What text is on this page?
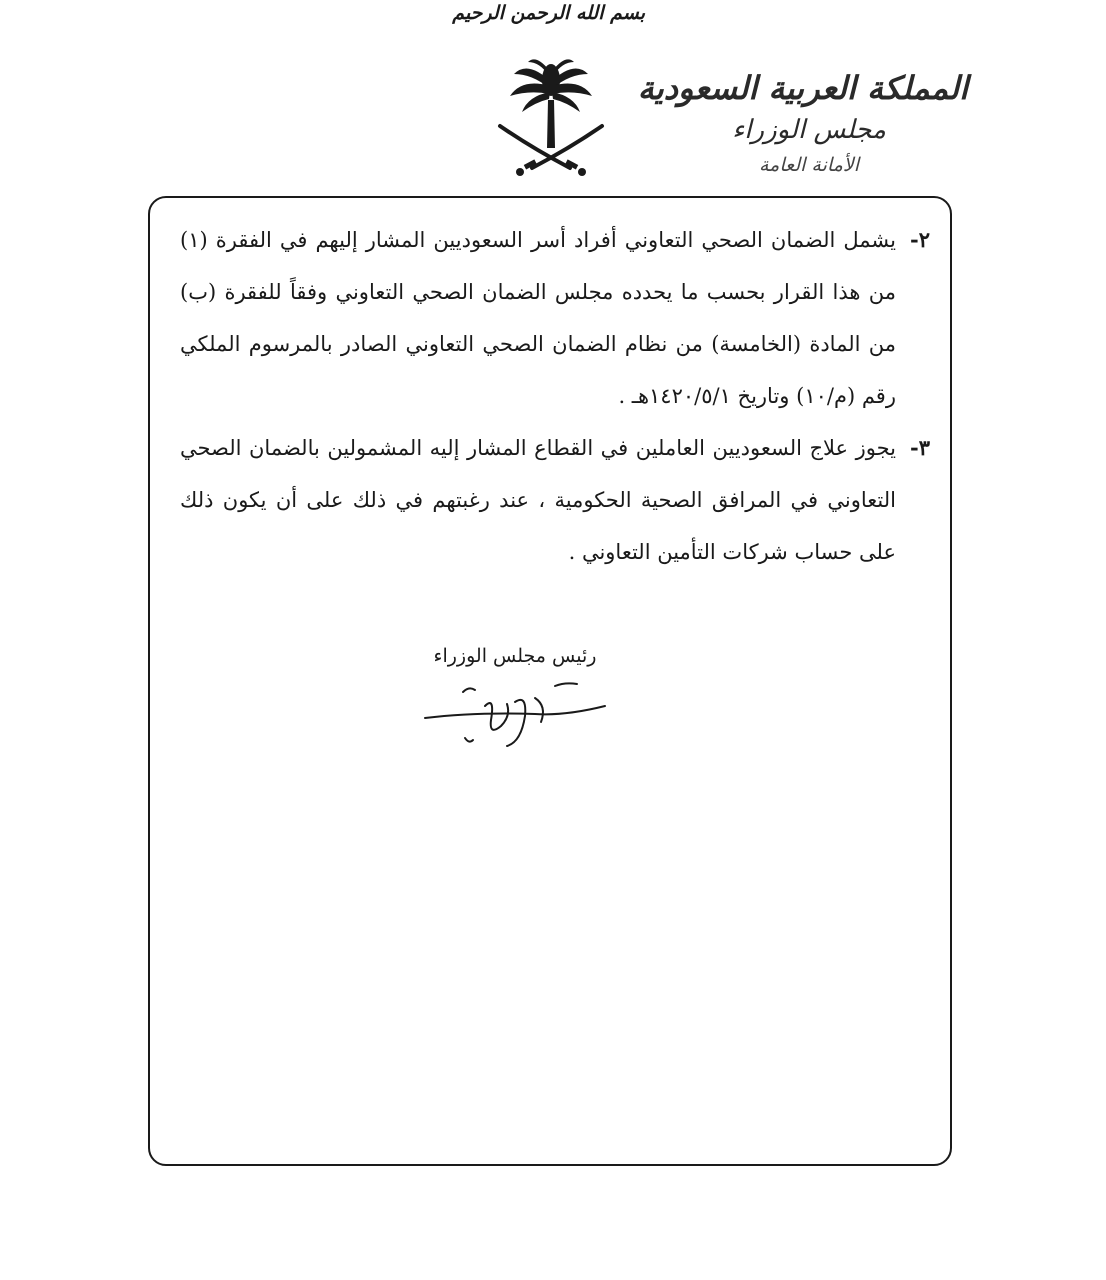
بسم الله الرحمن الرحيم
المملكة العربية السعودية
مجلس الوزراء
الأمانة العامة

٢-
يشمل الضمان الصحي التعاوني أفراد أسر السعوديين المشار إليهم في الفقرة (١) من هذا القرار بحسب ما يحدده مجلس الضمان الصحي التعاوني وفقاً للفقرة (ب) من المادة (الخامسة) من نظام الضمان الصحي التعاوني الصادر بالمرسوم الملكي رقم (م/١٠) وتاريخ ١٤٢٠/٥/١هـ .

٣-
يجوز علاج السعوديين العاملين في القطاع المشار إليه المشمولين بالضمان الصحي التعاوني في المرافق الصحية الحكومية ، عند رغبتهم في ذلك على أن يكون ذلك على حساب شركات التأمين التعاوني .

رئيس مجلس الوزراء
